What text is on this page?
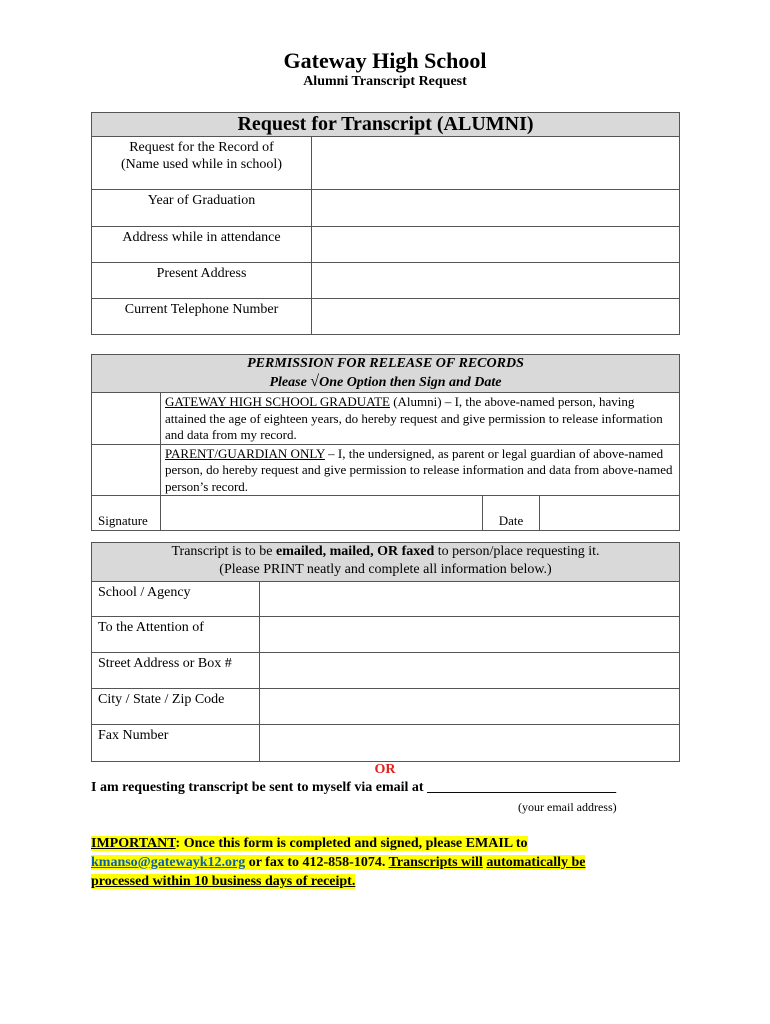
Gateway High School
Alumni Transcript Request
Request for Transcript (ALUMNI)	

Request for the Record of
(Name used while in school)	

Year of Graduation	
Address while in attendance	
Present Address	
Current Telephone Number	
PERMISSION FOR RELEASE OF RECORDS
Please √One Option then Sign and Date			

	GATEWAY HIGH SCHOOL GRADUATE (Alumni) – I, the above-named person, having attained the age of eighteen years, do hereby request and give permission to release information and data from my record.		
	PARENT/GUARDIAN ONLY – I, the undersigned, as parent or legal guardian of above-named person, do hereby request and give permission to release information and data from above-named person’s record.		
Signature		Date	
Transcript is to be emailed, mailed, OR faxed to person/place requesting it.
(Please PRINT neatly and complete all information below.)	

School / Agency	
To the Attention of	
Street Address or Box #	
City / State / Zip Code	
Fax Number	
OR
I am requesting transcript be sent to myself via email at ___________________________
(your email address)
IMPORTANT: Once this form is completed and signed, please EMAIL to
kmanso@gatewayk12.org or fax to 412-858-1074. Transcripts will automatically be
processed within 10 business days of receipt.
